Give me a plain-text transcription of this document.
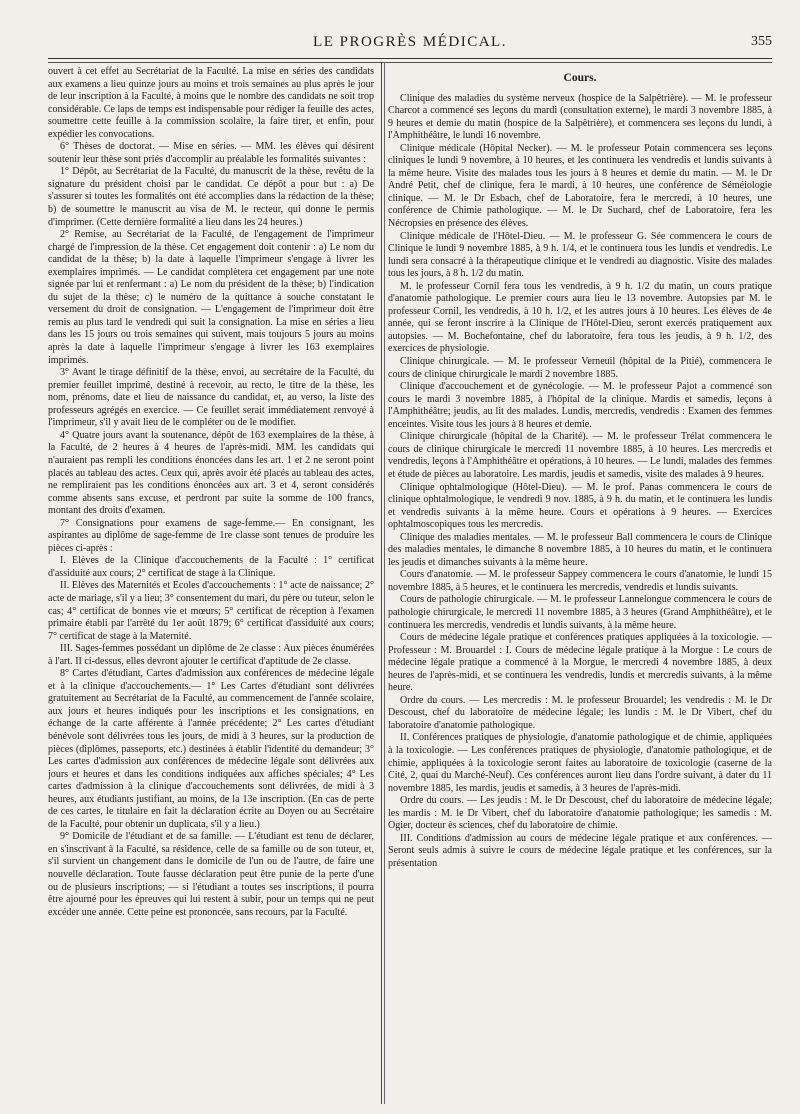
LE PROGRÈS MÉDICAL.	355

ouvert à cet effet au Secrétariat de la Faculté. La mise en séries des candidats aux examens a lieu quinze jours au moins et trois semaines au plus après le jour de leur inscription à la Faculté, à moins que le nombre des candidats ne soit trop considérable. Ce laps de temps est indispensable pour rédiger la feuille des actes, soumettre cette feuille à la commission scolaire, la faire tirer, et enfin, pour expédier les convocations.

6° Thèses de doctorat. — Mise en séries. — MM. les élèves qui désirent soutenir leur thèse sont priés d'accomplir au préalable les formalités suivantes :

1° Dépôt, au Secrétariat de la Faculté, du manuscrit de la thèse, revêtu de la signature du président choisi par le candidat. Ce dépôt a pour but : a) De s'assurer si toutes les formalités ont été accomplies dans la rédaction de la thèse; b) de soumettre le manuscrit au visa de M. le recteur, qui donne le permis d'imprimer. (Cette dernière formalité a lieu dans les 24 heures.)

2° Remise, au Secrétariat de la Faculté, de l'engagement de l'imprimeur chargé de l'impression de la thèse. Cet engagement doit contenir : a) Le nom du candidat de la thèse; b) la date à laquelle l'imprimeur s'engage à livrer les exemplaires imprimés. — Le candidat complètera cet engagement par une note signée par lui et renfermant : a) Le nom du président de la thèse; b) l'indication du sujet de la thèse; c) le numéro de la quittance à souche constatant le versement du droit de consignation. — L'engagement de l'imprimeur doit être remis au plus tard le vendredi qui suit la consignation. La mise en séries a lieu dans les 15 jours ou trois semaines qui suivent, mais toujours 5 jours au moins après la date à laquelle l'imprimeur s'engage à livrer les 163 exemplaires imprimés.

3° Avant le tirage définitif de la thèse, envoi, au secrétaire de la Faculté, du premier feuillet imprimé, destiné à recevoir, au recto, le titre de la thèse, les nom, prénoms, date et lieu de naissance du candidat, et, au verso, la liste des professeurs agrégés en exercice. — Ce feuillet serait immédiatement renvoyé à l'imprimeur, s'il y avait lieu de le compléter ou de le modifier.

4° Quatre jours avant la soutenance, dépôt de 163 exemplaires de la thèse, à la Faculté, de 2 heures à 4 heures de l'après-midi. MM. les candidats qui n'auraient pas rempli les conditions énoncées dans les art. 1 et 2 ne seront point placés au tableau des actes. Ceux qui, après avoir été placés au tableau des actes, ne rempliraient pas les conditions énoncées aux art. 3 et 4, seront considérés comme absents sans excuse, et perdront par suite la somme de 100 francs, montant des droits d'examen.

7° Consignations pour examens de sage-femme.— En consignant, les aspirantes au diplôme de sage-femme de 1re classe sont tenues de produire les pièces ci-après :

I. Elèves de la Clinique d'accouchements de la Faculté : 1° certificat d'assiduité aux cours; 2° certificat de stage à la Clinique.

II. Elèves des Maternités et Ecoles d'accouchements : 1° acte de naissance; 2° acte de mariage, s'il y a lieu; 3° consentement du mari, du père ou tuteur, selon le cas; 4° certificat de bonnes vie et mœurs; 5° certificat de réception à l'examen primaire établi par l'arrêté du 1er août 1879; 6° certificat d'assiduité aux cours; 7° certificat de stage à la Maternité.

III. Sages-femmes possédant un diplôme de 2e classe : Aux pièces énumérées à l'art. II ci-dessus, elles devront ajouter le certificat d'aptitude de 2e classe.

8° Cartes d'étudiant, Cartes d'admission aux conférences de médecine légale et à la clinique d'accouchements.— 1° Les Cartes d'étudiant sont délivrées gratuitement au Secrétariat de la Faculté, au commencement de l'année scolaire, aux jours et heures indiqués pour les inscriptions et les consignations, en échange de la carte afférente à l'année précédente; 2° Les cartes d'étudiant bénévole sont délivrées tous les jours, de midi à 3 heures, sur la production de pièces (diplômes, passeports, etc.) destinées à établir l'identité du demandeur; 3° Les cartes d'admission aux conférences de médecine légale sont délivrées aux jours et heures et dans les conditions indiquées aux affiches spéciales; 4° Les cartes d'admission à la clinique d'accouchements sont délivrées, de midi à 3 heures, aux étudiants justifiant, au moins, de la 13e inscription. (En cas de perte de ces cartes, le titulaire en fait la déclaration écrite au Doyen ou au Secrétaire de la Faculté, pour obtenir un duplicata, s'il y a lieu.)

9° Domicile de l'étudiant et de sa famille. — L'étudiant est tenu de déclarer, en s'inscrivant à la Faculté, sa résidence, celle de sa famille ou de son tuteur, et, s'il survient un changement dans le domicile de l'un ou de l'autre, de faire une nouvelle déclaration. Toute fausse déclaration peut être punie de la perte d'une ou de plusieurs inscriptions; — si l'étudiant a toutes ses inscriptions, il pourra être ajourné pour les épreuves qui lui restent à subir, pour un temps qui ne peut excéder une année. Cette peine est prononcée, sans recours, par la Faculté.

Cours.

Clinique des maladies du système nerveux (hospice de la Salpêtrière). — M. le professeur Charcot a commencé ses leçons du mardi (consultation externe), le mardi 3 novembre 1885, à 9 heures et demie du matin (hospice de la Salpêtrière), et commencera ses leçons du lundi, à l'Amphithéâtre, le lundi 16 novembre.

Clinique médicale (Hôpital Necker). — M. le professeur Potain commencera ses leçons cliniques le lundi 9 novembre, à 10 heures, et les continuera les vendredis et lundis suivants à la même heure. Visite des malades tous les jours à 8 heures et demie du matin. — M. le Dr André Petit, chef de clinique, fera le mardi, à 10 heures, une conférence de Séméiologie clinique. — M. le Dr Esbach, chef de Laboratoire, fera le mercredi, à 10 heures, une conférence de Chimie pathologique. — M. le Dr Suchard, chef de Laboratoire, fera les Nécropsies en présence des élèves.

Clinique médicale de l'Hôtel-Dieu. — M. le professeur G. Sée commencera le cours de Clinique le lundi 9 novembre 1885, à 9 h. 1/4, et le continuera tous les lundis et vendredis. Le lundi sera consacré à la thérapeutique clinique et le vendredi au diagnostic. Visite des malades tous les jours, à 8 h. 1/2 du matin.

M. le professeur Cornil fera tous les vendredis, à 9 h. 1/2 du matin, un cours pratique d'anatomie pathologique. Le premier cours aura lieu le 13 novembre. Autopsies par M. le professeur Cornil, les vendredis, à 10 h. 1/2, et les autres jours à 10 heures. Les élèves de 4e année, qui se feront inscrire à la Clinique de l'Hôtel-Dieu, seront exercés pratiquement aux autopsies. — M. Bochefontaine, chef du laboratoire, fera tous les jeudis, à 9 h. 1/2, des exercices de physiologie.

Clinique chirurgicale. — M. le professeur Verneuil (hôpital de la Pitié), commencera le cours de clinique chirurgicale le mardi 2 novembre 1885.

Clinique d'accouchement et de gynécologie. — M. le professeur Pajot a commencé son cours le mardi 3 novembre 1885, à l'hôpital de la clinique. Mardis et samedis, leçons à l'Amphithéâtre; jeudis, au lit des malades. Lundis, mercredis, vendredis : Examen des femmes enceintes. Visite tous les jours à 8 heures et demie.

Clinique chirurgicale (hôpital de la Charité). — M. le professeur Trélat commencera le cours de clinique chirurgicale le mercredi 11 novembre 1885, à 10 heures. Les mercredis et vendredis, leçons à l'Amphithéâtre et opérations, à 10 heures. — Le lundi, malades des femmes et étude de pièces au laboratoire. Les mardis, jeudis et samedis, visite des malades à 9 heures.

Clinique ophtalmologique (Hôtel-Dieu). — M. le prof. Panas commencera le cours de clinique ophtalmologique, le vendredi 9 nov. 1885, à 9 h. du matin, et le continuera les lundis et vendredis suivants à la même heure. Cours et opérations à 9 heures. — Exercices ophtalmoscopiques tous les mercredis.

Clinique des maladies mentales. — M. le professeur Ball commencera le cours de Clinique des maladies mentales, le dimanche 8 novembre 1885, à 10 heures du matin, et le continuera les jeudis et dimanches suivants à la même heure.

Cours d'anatomie. — M. le professeur Sappey commencera le cours d'anatomie, le lundi 15 novembre 1885, à 5 heures, et le continuera les mercredis, vendredis et lundis suivants.

Cours de pathologie chirurgicale. — M. le professeur Lannelongue commencera le cours de pathologie chirurgicale, le mercredi 11 novembre 1885, à 3 heures (Grand Amphithéâtre), et le continuera les mercredis, vendredis et lundis suivants, à la même heure.

Cours de médecine légale pratique et conférences pratiques appliquées à la toxicologie. — Professeur : M. Brouardel : I. Cours de médecine légale pratique à la Morgue : Le cours de médecine légale pratique a commencé à la Morgue, le mercredi 4 novembre 1885, à deux heures de l'après-midi, et se continuera les vendredis, lundis et mercredis suivants, à la même heure.

Ordre du cours. — Les mercredis : M. le professeur Brouardel; les vendredis : M. le Dr Descoust, chef du laboratoire de médecine légale; les lundis : M. le Dr Vibert, chef du laboratoire d'anatomie pathologique.

II. Conférences pratiques de physiologie, d'anatomie pathologique et de chimie, appliquées à la toxicologie. — Les conférences pratiques de physiologie, d'anatomie pathologique, et de chimie, appliquées à la toxicologie seront faites au laboratoire de toxicologie (caserne de la Cité, 2, quai du Marché-Neuf). Ces conférences auront lieu dans l'ordre suivant, à dater du 11 novembre 1885, les mardis, jeudis et samedis, à 3 heures de l'après-midi.

Ordre du cours. — Les jeudis : M. le Dr Descoust, chef du laboratoire de médecine légale; les mardis : M. le Dr Vibert, chef du laboratoire d'anatomie pathologique; les samedis : M. Ogier, docteur ès sciences, chef du laboratoire de chimie.

III. Conditions d'admission au cours de médecine légale pratique et aux conférences. — Seront seuls admis à suivre le cours de médecine légale pratique et les conférences, sur la présentation
